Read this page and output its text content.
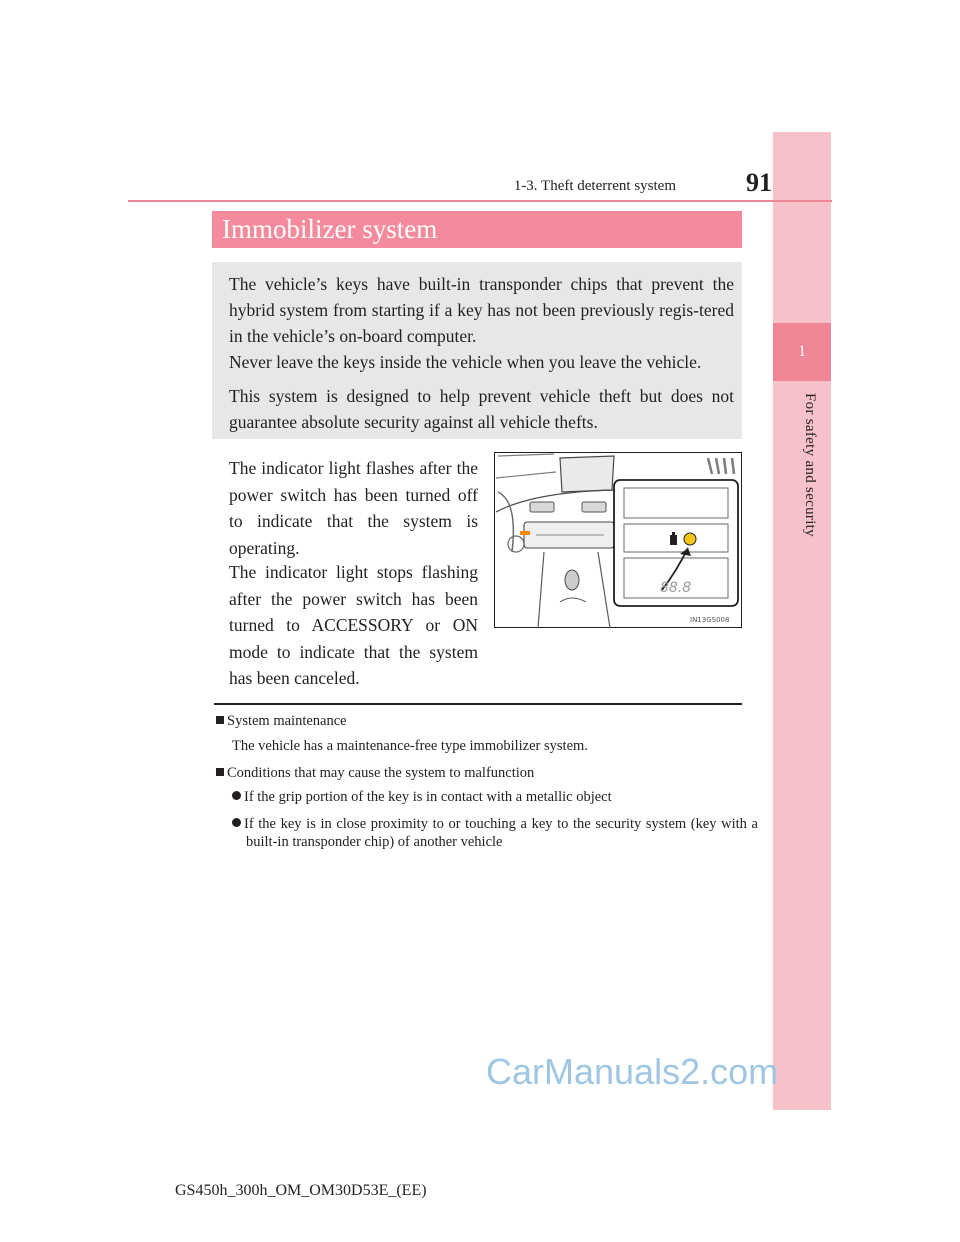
1
For safety and security
1-3. Theft deterrent system	91
Immobilizer system

The vehicle’s keys have built-in transponder chips that prevent the hybrid system from starting if a key has not been previously regis-tered in the vehicle’s on-board computer.

Never leave the keys inside the vehicle when you leave the vehicle.

This system is designed to help prevent vehicle theft but does not guarantee absolute security against all vehicle thefts.

The indicator light flashes after the power switch has been turned off to indicate that the system is operating.

The indicator light stops flashing after the power switch has been turned to ACCESSORY or ON mode to indicate that the system has been canceled.

88.8
IN13GS008

System maintenance

The vehicle has a maintenance-free type immobilizer system.

Conditions that may cause the system to malfunction

If the grip portion of the key is in contact with a metallic object

If the key is in close proximity to or touching a key to the security system (key with a built-in transponder chip) of another vehicle

CarManuals2.com
GS450h_300h_OM_OM30D53E_(EE)
